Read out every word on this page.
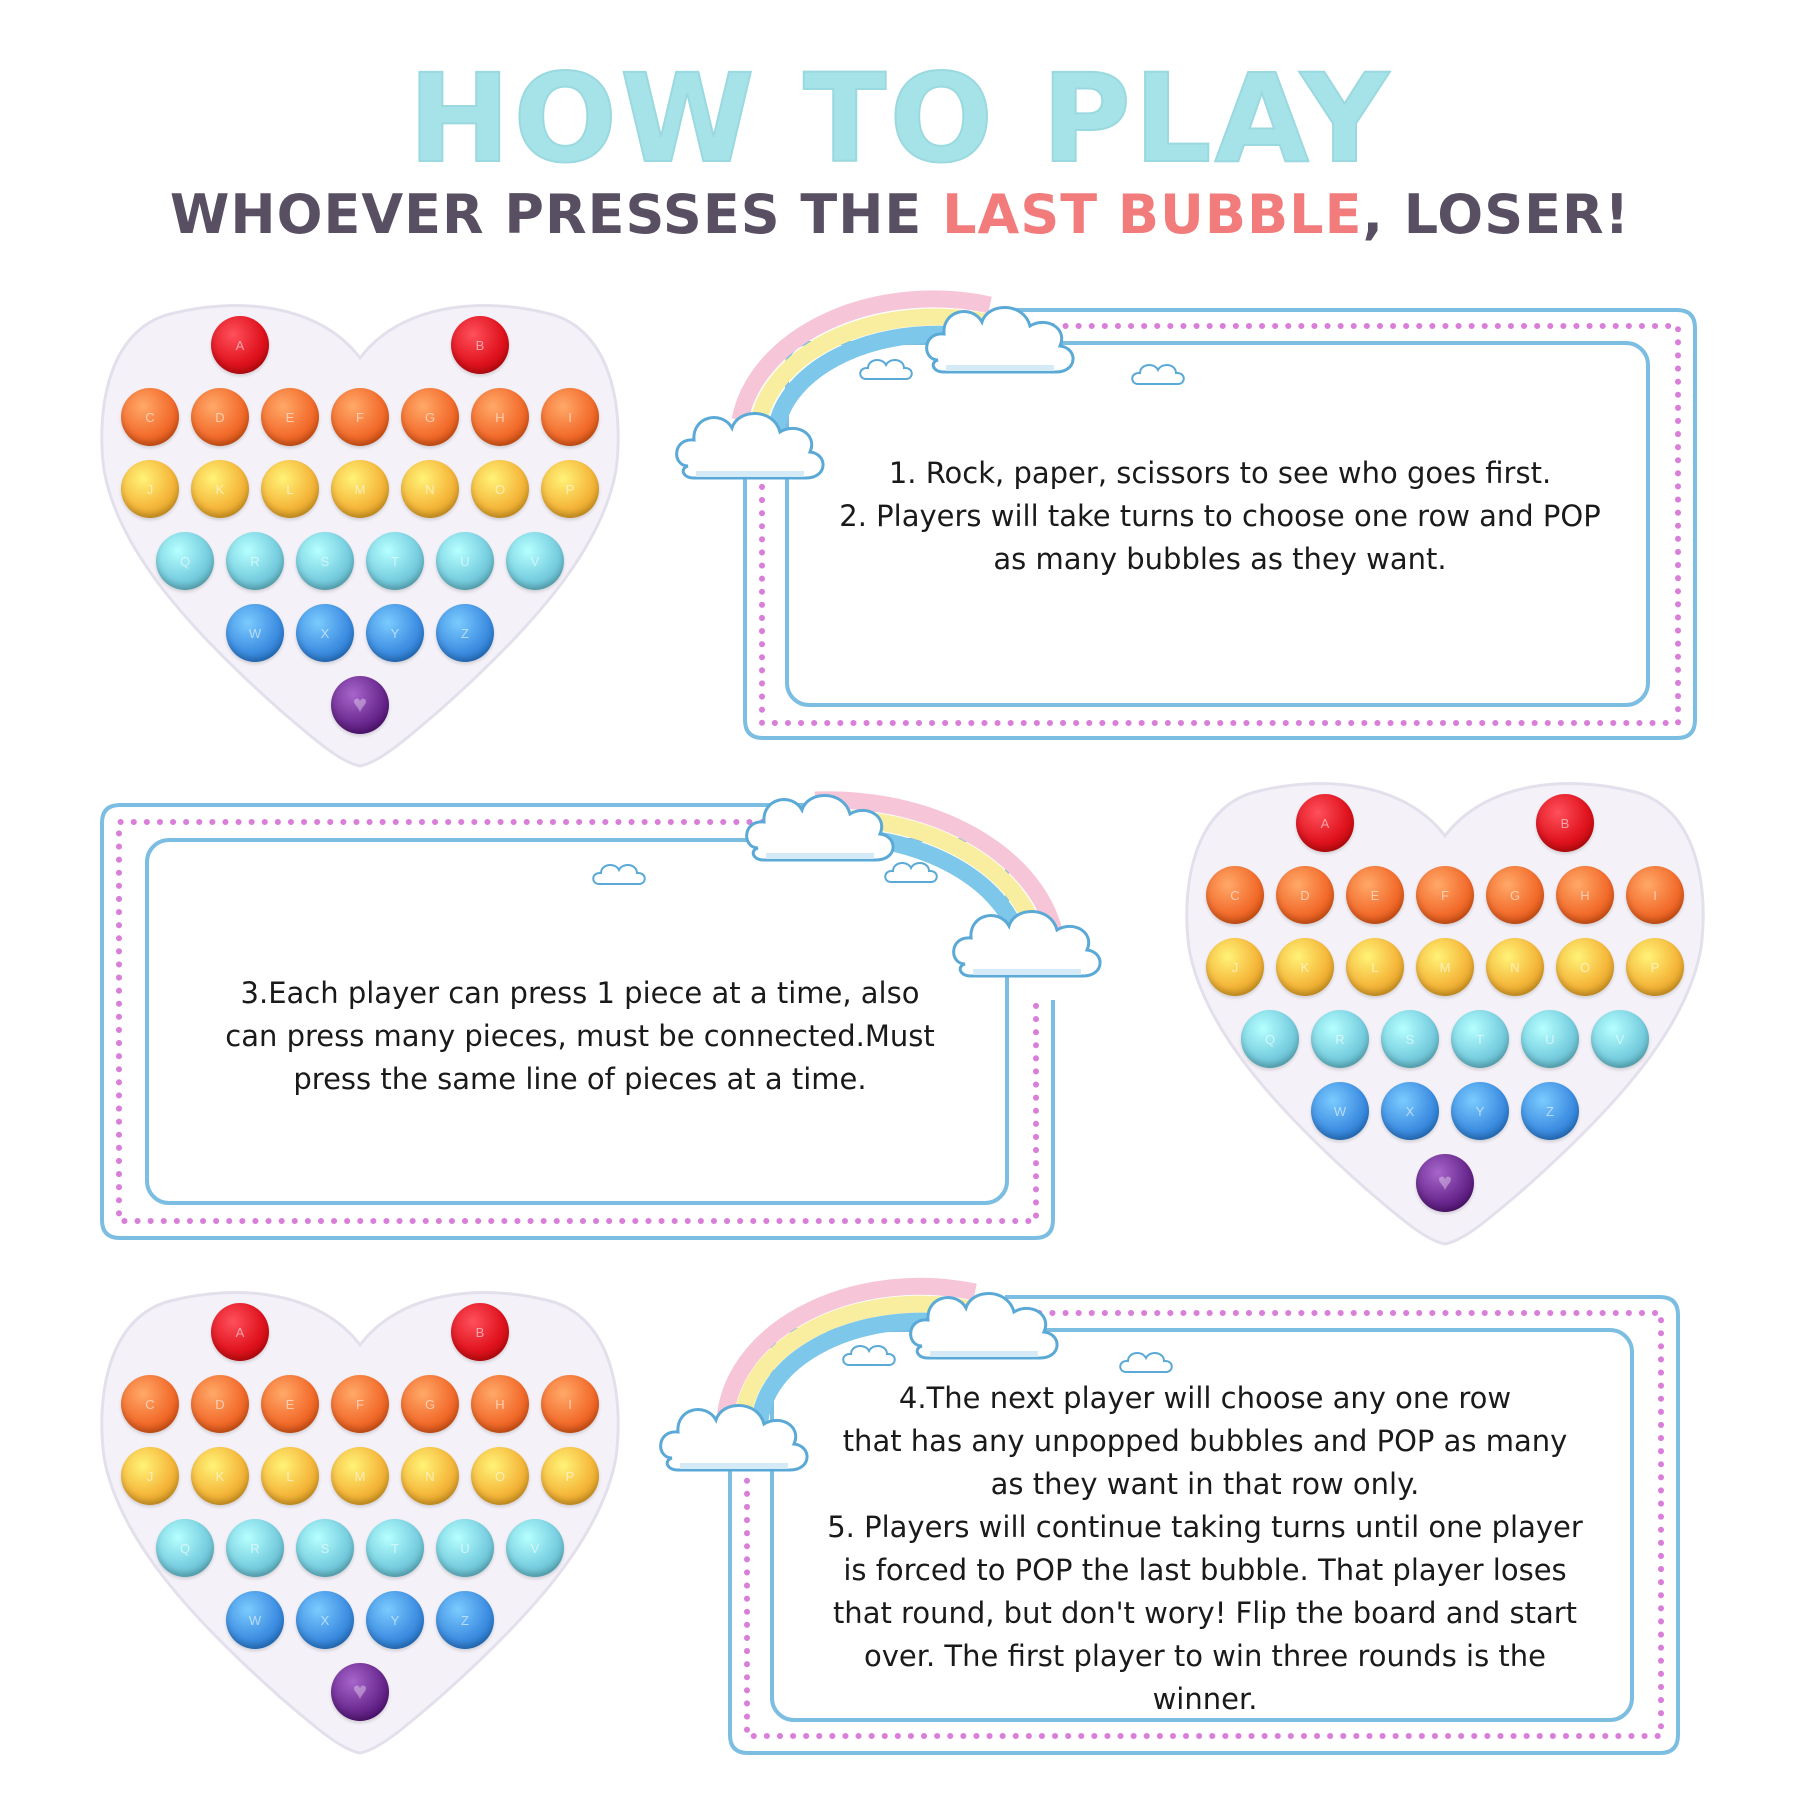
HOW TO PLAY
WHOEVER PRESSES THE LAST BUBBLE, LOSER!
1. Rock, paper, scissors to see who goes first.
2. Players will take turns to choose one row and POP
as many bubbles as they want.
3.Each player can press 1 piece at a time, also
can press many pieces, must be connected.Must
press the same line of pieces at a time.
4.The next player will choose any one row
that has any unpopped bubbles and POP as many
as they want in that row only.
5. Players will continue taking turns until one player
is forced to POP the last bubble. That player loses
that round, but don't wory! Flip the board and start
over. The first player to win three rounds is the
winner.
A	B
C	D	E	F	G	H	I
J	K	L	M	N	O	P
Q	R	S	T	U	V
W	X	Y	Z
♥
A	B
C	D	E	F	G	H	I
J	K	L	M	N	O	P
Q	R	S	T	U	V
W	X	Y	Z
♥
A	B
C	D	E	F	G	H	I
J	K	L	M	N	O	P
Q	R	S	T	U	V
W	X	Y	Z
♥
